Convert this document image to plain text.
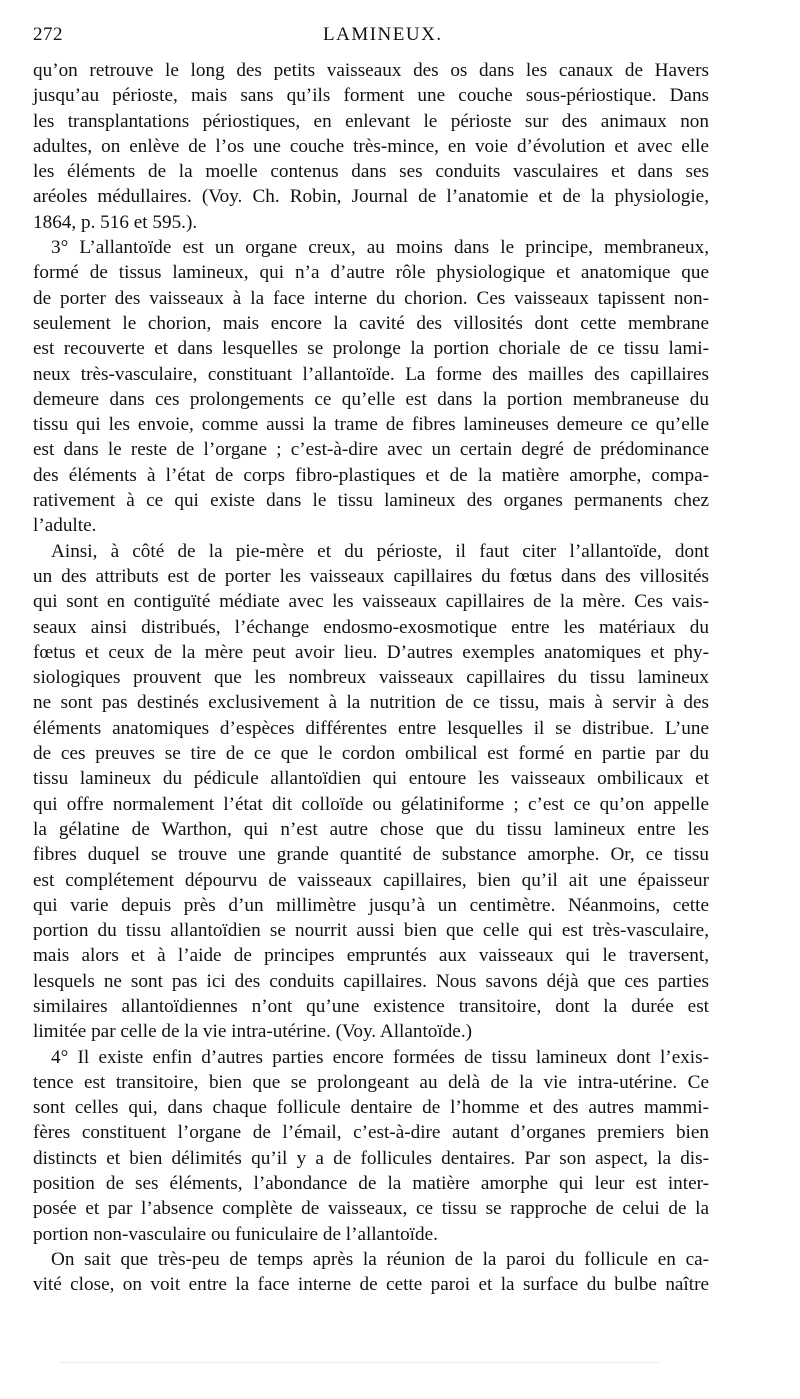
272	LAMINEUX.
qu’on retrouve le long des petits vaisseaux des os dans les canaux de Havers
jusqu’au périoste, mais sans qu’ils forment une couche sous-périostique. Dans
les transplantations périostiques, en enlevant le périoste sur des animaux non
adultes, on enlève de l’os une couche très-mince, en voie d’évolution et avec elle
les éléments de la moelle contenus dans ses conduits vasculaires et dans ses
aréoles médullaires. (Voy. Ch. Robin, Journal de l’anatomie et de la physiologie,
1864, p. 516 et 595.).
3° L’allantoïde est un organe creux, au moins dans le principe, membraneux,
formé de tissus lamineux, qui n’a d’autre rôle physiologique et anatomique que
de porter des vaisseaux à la face interne du chorion. Ces vaisseaux tapissent non-
seulement le chorion, mais encore la cavité des villosités dont cette membrane
est recouverte et dans lesquelles se prolonge la portion choriale de ce tissu lami-
neux très-vasculaire, constituant l’allantoïde. La forme des mailles des capillaires
demeure dans ces prolongements ce qu’elle est dans la portion membraneuse du
tissu qui les envoie, comme aussi la trame de fibres lamineuses demeure ce qu’elle
est dans le reste de l’organe ; c’est-à-dire avec un certain degré de prédominance
des éléments à l’état de corps fibro-plastiques et de la matière amorphe, compa-
rativement à ce qui existe dans le tissu lamineux des organes permanents chez
l’adulte.
Ainsi, à côté de la pie-mère et du périoste, il faut citer l’allantoïde, dont
un des attributs est de porter les vaisseaux capillaires du fœtus dans des villosités
qui sont en contiguïté médiate avec les vaisseaux capillaires de la mère. Ces vais-
seaux ainsi distribués, l’échange endosmo-exosmotique entre les matériaux du
fœtus et ceux de la mère peut avoir lieu. D’autres exemples anatomiques et phy-
siologiques prouvent que les nombreux vaisseaux capillaires du tissu lamineux
ne sont pas destinés exclusivement à la nutrition de ce tissu, mais à servir à des
éléments anatomiques d’espèces différentes entre lesquelles il se distribue. L’une
de ces preuves se tire de ce que le cordon ombilical est formé en partie par du
tissu lamineux du pédicule allantoïdien qui entoure les vaisseaux ombilicaux et
qui offre normalement l’état dit colloïde ou gélatiniforme ; c’est ce qu’on appelle
la gélatine de Warthon, qui n’est autre chose que du tissu lamineux entre les
fibres duquel se trouve une grande quantité de substance amorphe. Or, ce tissu
est complétement dépourvu de vaisseaux capillaires, bien qu’il ait une épaisseur
qui varie depuis près d’un millimètre jusqu’à un centimètre. Néanmoins, cette
portion du tissu allantoïdien se nourrit aussi bien que celle qui est très-vasculaire,
mais alors et à l’aide de principes empruntés aux vaisseaux qui le traversent,
lesquels ne sont pas ici des conduits capillaires. Nous savons déjà que ces parties
similaires allantoïdiennes n’ont qu’une existence transitoire, dont la durée est
limitée par celle de la vie intra-utérine. (Voy. Allantoïde.)
4° Il existe enfin d’autres parties encore formées de tissu lamineux dont l’exis-
tence est transitoire, bien que se prolongeant au delà de la vie intra-utérine. Ce
sont celles qui, dans chaque follicule dentaire de l’homme et des autres mammi-
fères constituent l’organe de l’émail, c’est-à-dire autant d’organes premiers bien
distincts et bien délimités qu’il y a de follicules dentaires. Par son aspect, la dis-
position de ses éléments, l’abondance de la matière amorphe qui leur est inter-
posée et par l’absence complète de vaisseaux, ce tissu se rapproche de celui de la
portion non-vasculaire ou funiculaire de l’allantoïde.
On sait que très-peu de temps après la réunion de la paroi du follicule en ca-
vité close, on voit entre la face interne de cette paroi et la surface du bulbe naître
